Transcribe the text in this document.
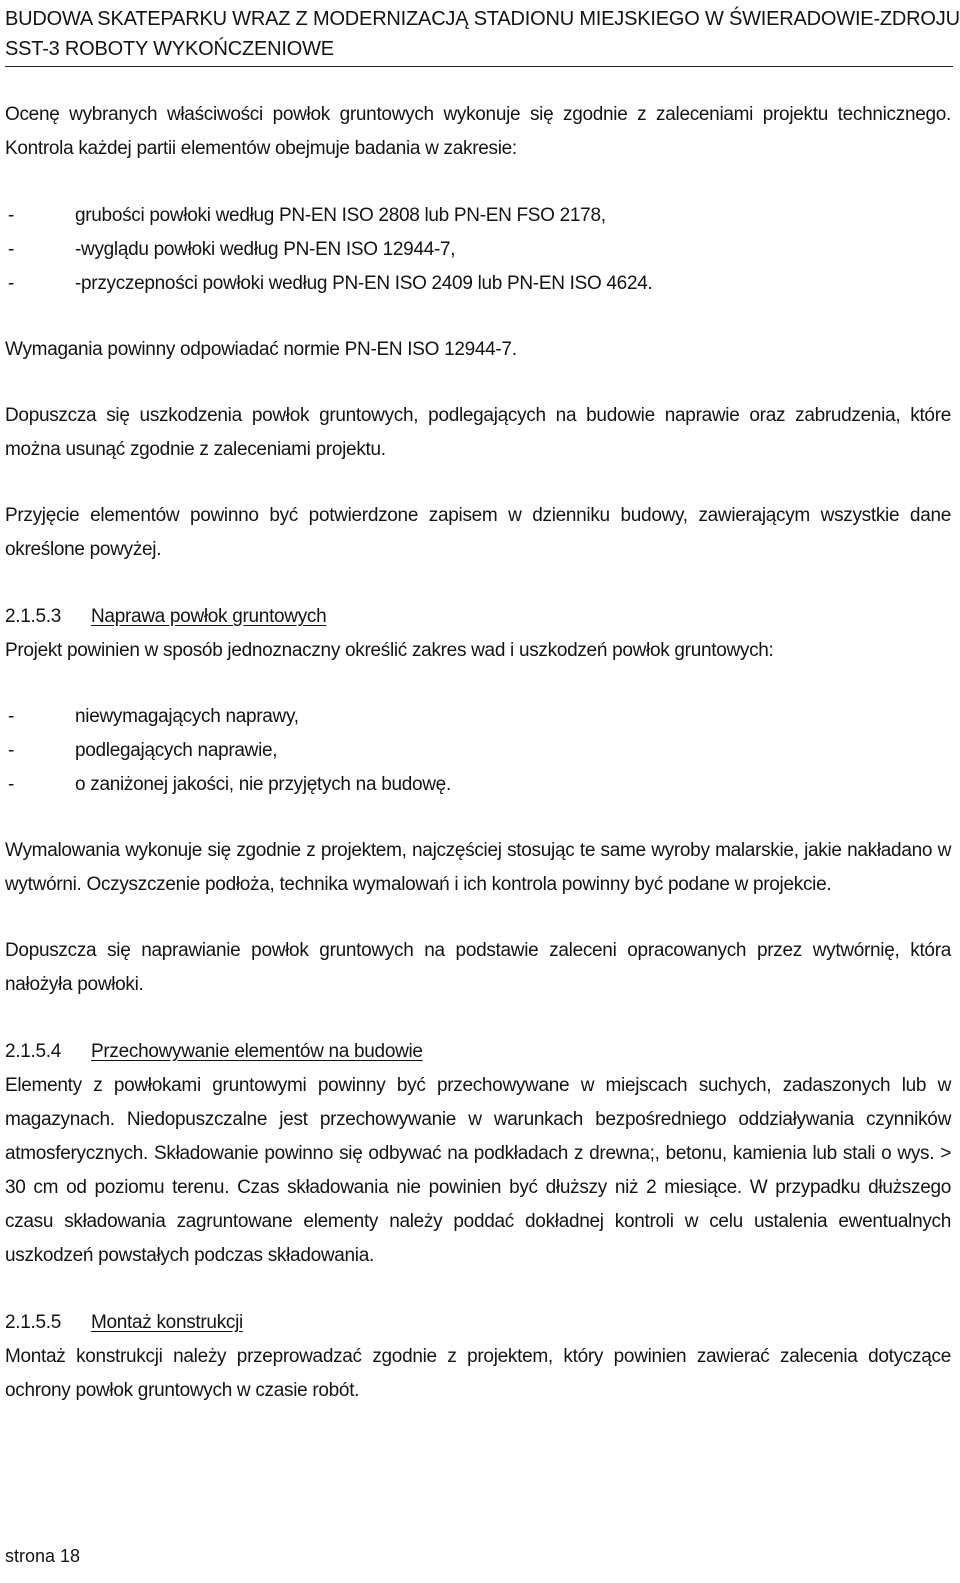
BUDOWA SKATEPARKU WRAZ Z MODERNIZACJĄ STADIONU MIEJSKIEGO W ŚWIERADOWIE-ZDROJU
SST-3 ROBOTY WYKOŃCZENIOWE

Ocenę wybranych właściwości powłok gruntowych wykonuje się zgodnie z zaleceniami projektu technicznego. Kontrola każdej partii elementów obejmuje badania w zakresie:

-	grubości powłoki według PN-EN ISO 2808 lub PN-EN FSO 2178,
-	-wyglądu powłoki według PN-EN ISO 12944-7,
-	-przyczepności powłoki według PN-EN ISO 2409 lub PN-EN ISO 4624.

Wymagania powinny odpowiadać normie PN-EN ISO 12944-7.

Dopuszcza się uszkodzenia powłok gruntowych, podlegających na budowie naprawie oraz zabrudzenia, które można usunąć zgodnie z zaleceniami projektu.

Przyjęcie elementów powinno być potwierdzone zapisem w dzienniku budowy, zawierającym wszystkie dane określone powyżej.

2.1.5.3	Naprawa powłok gruntowych

Projekt powinien w sposób jednoznaczny określić zakres wad i uszkodzeń powłok gruntowych:

-	niewymagających naprawy,
-	podlegających naprawie,
-	o zaniżonej jakości, nie przyjętych na budowę.

Wymalowania wykonuje się zgodnie z projektem, najczęściej stosując te same wyroby malarskie, jakie nakładano w wytwórni. Oczyszczenie podłoża, technika wymalowań i ich kontrola powinny być podane w projekcie.

Dopuszcza się naprawianie powłok gruntowych na podstawie zaleceni opracowanych przez wytwórnię, która nałożyła powłoki.

2.1.5.4	Przechowywanie elementów na budowie

Elementy z powłokami gruntowymi powinny być przechowywane w miejscach suchych, zadaszonych lub w magazynach. Niedopuszczalne jest przechowywanie w warunkach bezpośredniego oddziaływania czynników atmosferycznych. Składowanie powinno się odbywać na podkładach z drewna;, betonu, kamienia lub stali o wys. > 30 cm od poziomu terenu. Czas składowania nie powinien być dłuższy niż 2 miesiące. W przypadku dłuższego czasu składowania zagruntowane elementy należy poddać dokładnej kontroli w celu ustalenia ewentualnych uszkodzeń powstałych podczas składowania.

2.1.5.5	Montaż konstrukcji

Montaż konstrukcji należy przeprowadzać zgodnie z projektem, który powinien zawierać zalecenia dotyczące ochrony powłok gruntowych w czasie robót.

strona 18
